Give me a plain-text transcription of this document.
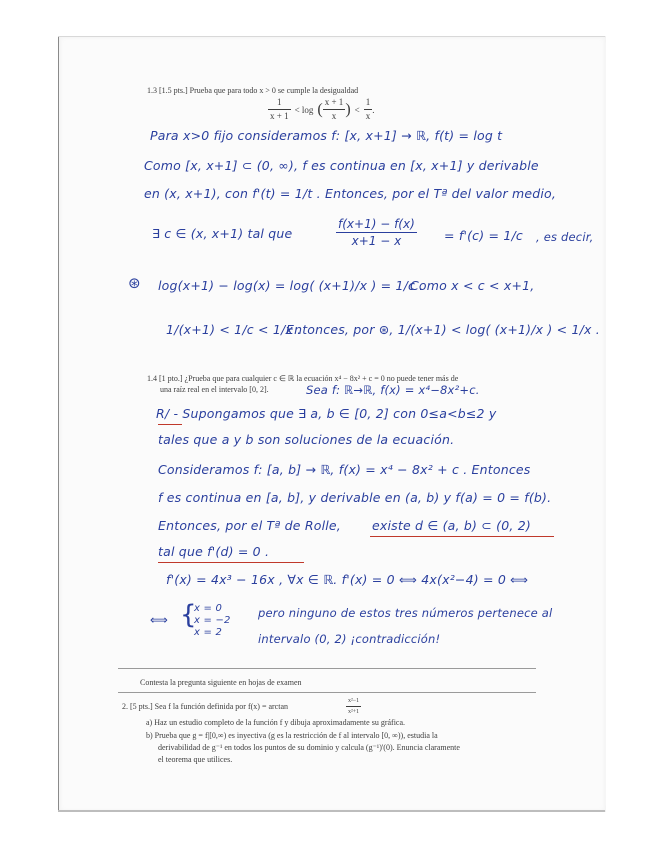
1.3 [1.5 pts.] Prueba que para todo x > 0 se cumple la desigualdad
$\frac{1}{x + 1} < \log$ ( $\frac{x + 1}{x}$ ) < $\frac{1}{x}$ .
Para x>0 fijo consideramos f: [x, x+1] → ℝ, f(t) = log t
Como [x, x+1] ⊂ (0, ∞), f es continua en [x, x+1] y derivable
en (x, x+1), con f'(t) = 1/t . Entonces, por el Tª del valor medio,
∃ c ∈ (x, x+1) tal que
f(x+1) − f(x)
x+1 − x	= f'(c) = 1/c , es decir,
⊛ log(x+1) − log(x) = log( (x+1)/x ) = 1/c .
Como x < c < x+1,
1/(x+1) < 1/c < 1/x .
Entonces, por ⊛, 1/(x+1) < log( (x+1)/x ) < 1/x .
1.4 [1 pto.] ¿Prueba que para cualquier c ∈ ℝ la ecuación x⁴ − 8x² + c = 0 no puede tener más de
una raíz real en el intervalo [0, 2].	Sea f: ℝ→ℝ, f(x) = x⁴−8x²+c.
R/ - Supongamos que ∃ a, b ∈ [0, 2] con 0≤a<b≤2 y
tales que a y b son soluciones de la ecuación.
Consideramos f: [a, b] → ℝ, f(x) = x⁴ − 8x² + c . Entonces
f es continua en [a, b], y derivable en (a, b) y f(a) = 0 = f(b).
Entonces, por el Tª de Rolle, existe d ∈ (a, b) ⊂ (0, 2)
tal que f'(d) = 0 .
f'(x) = 4x³ − 16x , ∀x ∈ ℝ. f'(x) = 0 ⟺ 4x(x²−4) = 0 ⟺
⟺ {
x = 0
x = −2
x = 2
pero ninguno de estos tres números pertenece al
intervalo (0, 2) ¡contradicción!
Contesta la pregunta siguiente en hojas de examen
2. [5 pts.] Sea f la función definida por f(x) = arctan
x²−1
x²+1
a) Haz un estudio completo de la función f y dibuja aproximadamente su gráfica.
b) Prueba que g = f|[0,∞) es inyectiva (g es la restricción de f al intervalo [0, ∞)), estudia la
derivabilidad de g⁻¹ en todos los puntos de su dominio y calcula (g⁻¹)'(0). Enuncia claramente
el teorema que utilices.
